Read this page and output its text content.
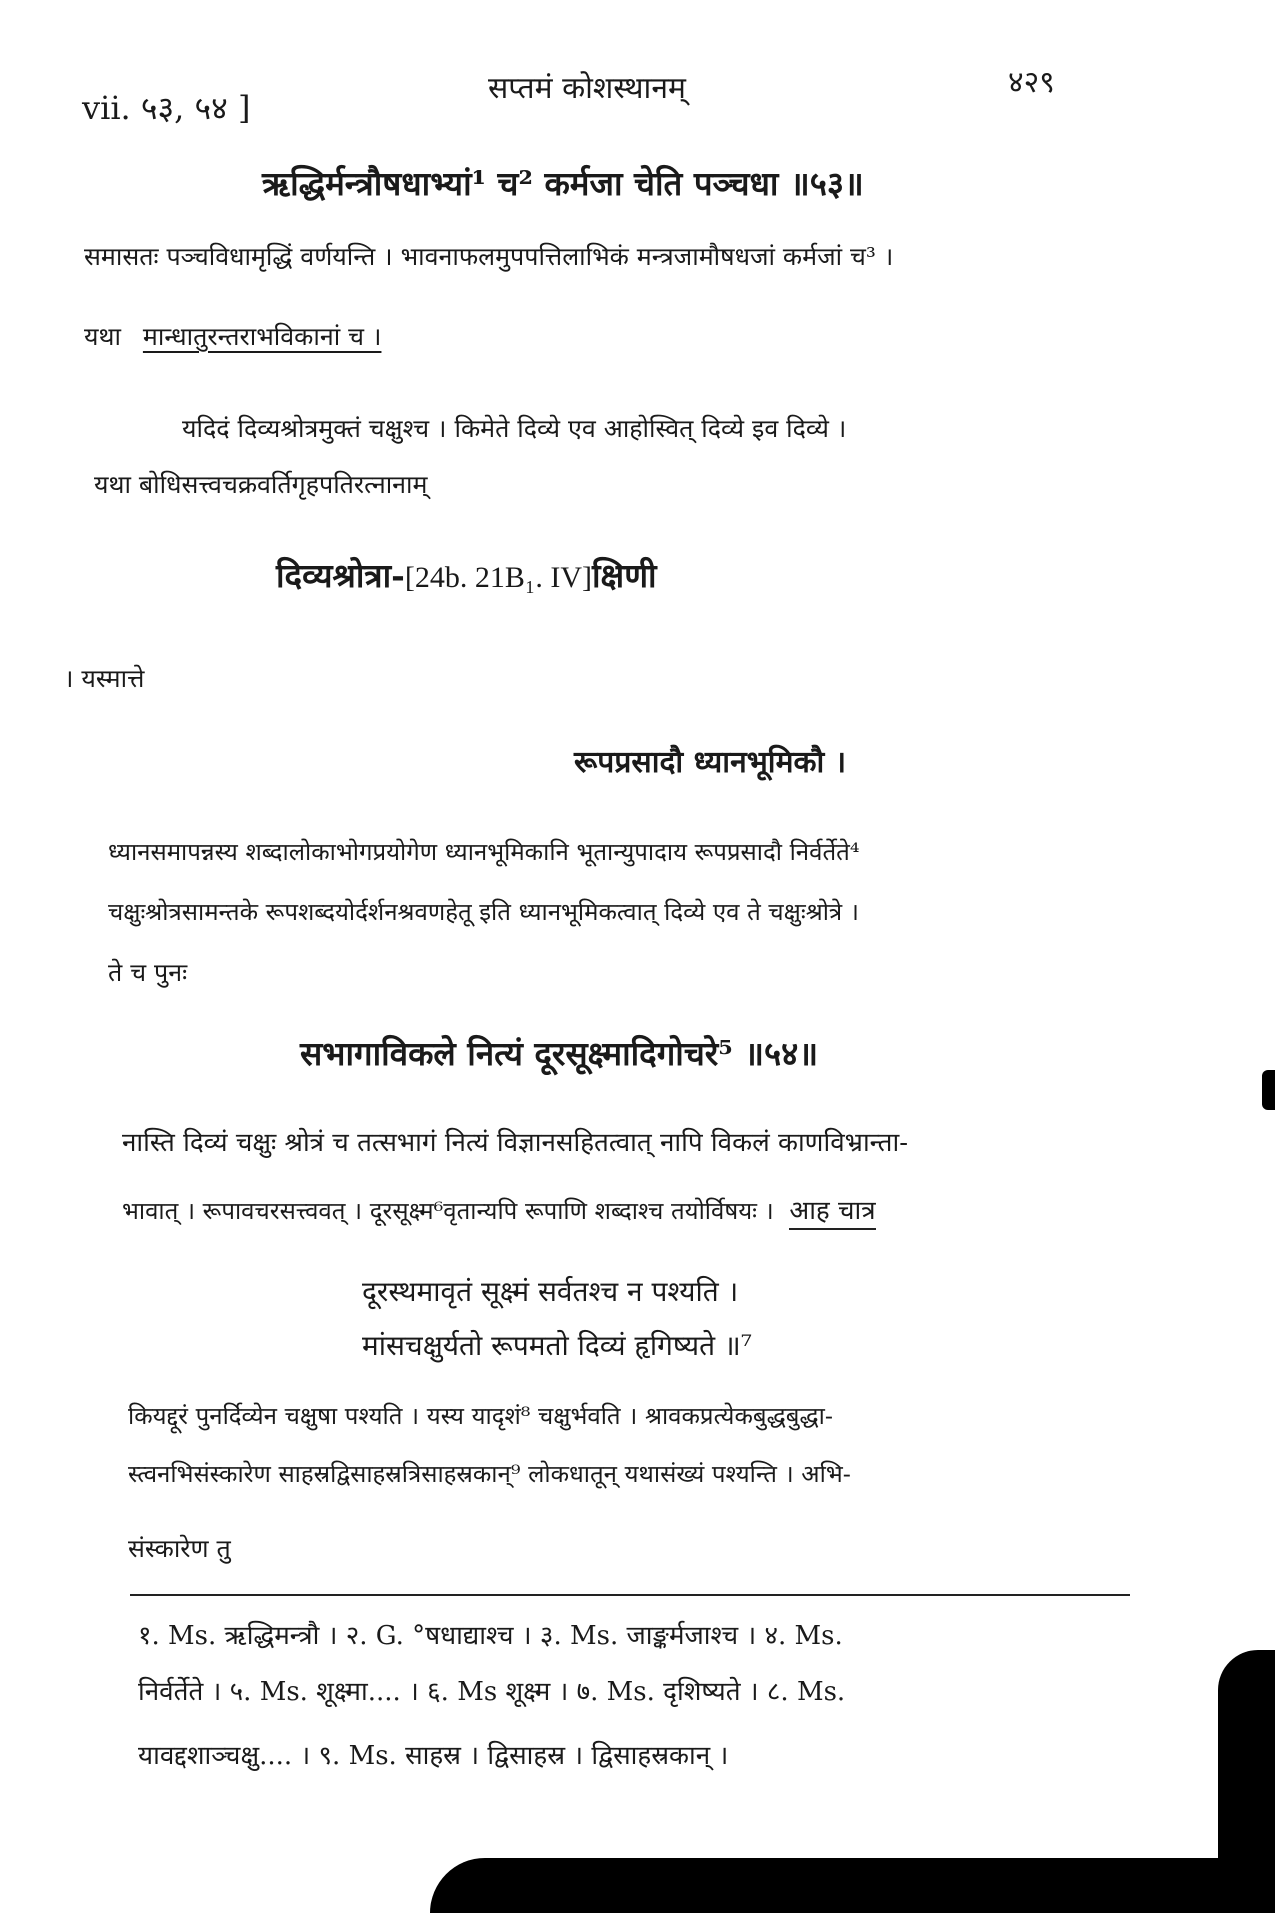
vii. ५३, ५४ ]
सप्तमं कोशस्थानम्	४२९
ऋद्धिर्मन्त्रौषधाभ्यां¹ च² कर्मजा चेति पञ्चधा ॥५३॥
समासतः पञ्चविधामृद्धिं वर्णयन्ति । भावनाफलमुपपत्तिलाभिकं मन्त्रजामौषधजां कर्मजां च³ ।
यथा मान्धातुरन्तराभविकानां च ।
यदिदं दिव्यश्रोत्रमुक्तं चक्षुश्च । किमेते दिव्ये एव आहोस्वित् दिव्ये इव दिव्ये ।
यथा बोधिसत्त्वचक्रवर्तिगृहपतिरत्नानाम्
दिव्यश्रोत्रा-[24b. 21B₁. IV]क्षिणी
। यस्मात्ते
रूपप्रसादौ ध्यानभूमिकौ ।
ध्यानसमापन्नस्य शब्दालोकाभोगप्रयोगेण ध्यानभूमिकानि भूतान्युपादाय रूपप्रसादौ निर्वर्तेते⁴
चक्षुःश्रोत्रसामन्तके रूपशब्दयोर्दर्शनश्रवणहेतू इति ध्यानभूमिकत्वात् दिव्ये एव ते चक्षुःश्रोत्रे ।
ते च पुनः
सभागाविकले नित्यं दूरसूक्ष्मादिगोचरे⁵ ॥५४॥
नास्ति दिव्यं चक्षुः श्रोत्रं च तत्सभागं नित्यं विज्ञानसहितत्वात् नापि विकलं काणविभ्रान्ता-
भावात् । रूपावचरसत्त्ववत् । दूरसूक्ष्म⁶वृतान्यपि रूपाणि शब्दाश्च तयोर्विषयः । आह चात्र
दूरस्थमावृतं सूक्ष्मं सर्वतश्च न पश्यति ।
मांसचक्षुर्यतो रूपमतो दिव्यं हृगिष्यते ॥⁷
कियद्दूरं पुनर्दिव्येन चक्षुषा पश्यति । यस्य यादृशं⁸ चक्षुर्भवति । श्रावकप्रत्येकबुद्धबुद्धा-
स्त्वनभिसंस्कारेण साहस्रद्विसाहस्रत्रिसाहस्रकान्⁹ लोकधातून् यथासंख्यं पश्यन्ति । अभि-
संस्कारेण तु
१. Ms. ऋद्धिमन्त्रौ । २. G. °षधाद्याश्च । ३. Ms. जाङ्कर्मजाश्च । ४. Ms.
निर्वर्तेते । ५. Ms. शूक्ष्मा.... । ६. Ms शूक्ष्म । ७. Ms. दृशिष्यते । ८. Ms.
यावद्दशाञ्चक्षु.... । ९. Ms. साहस्र । द्विसाहस्र । द्विसाहस्रकान् ।
